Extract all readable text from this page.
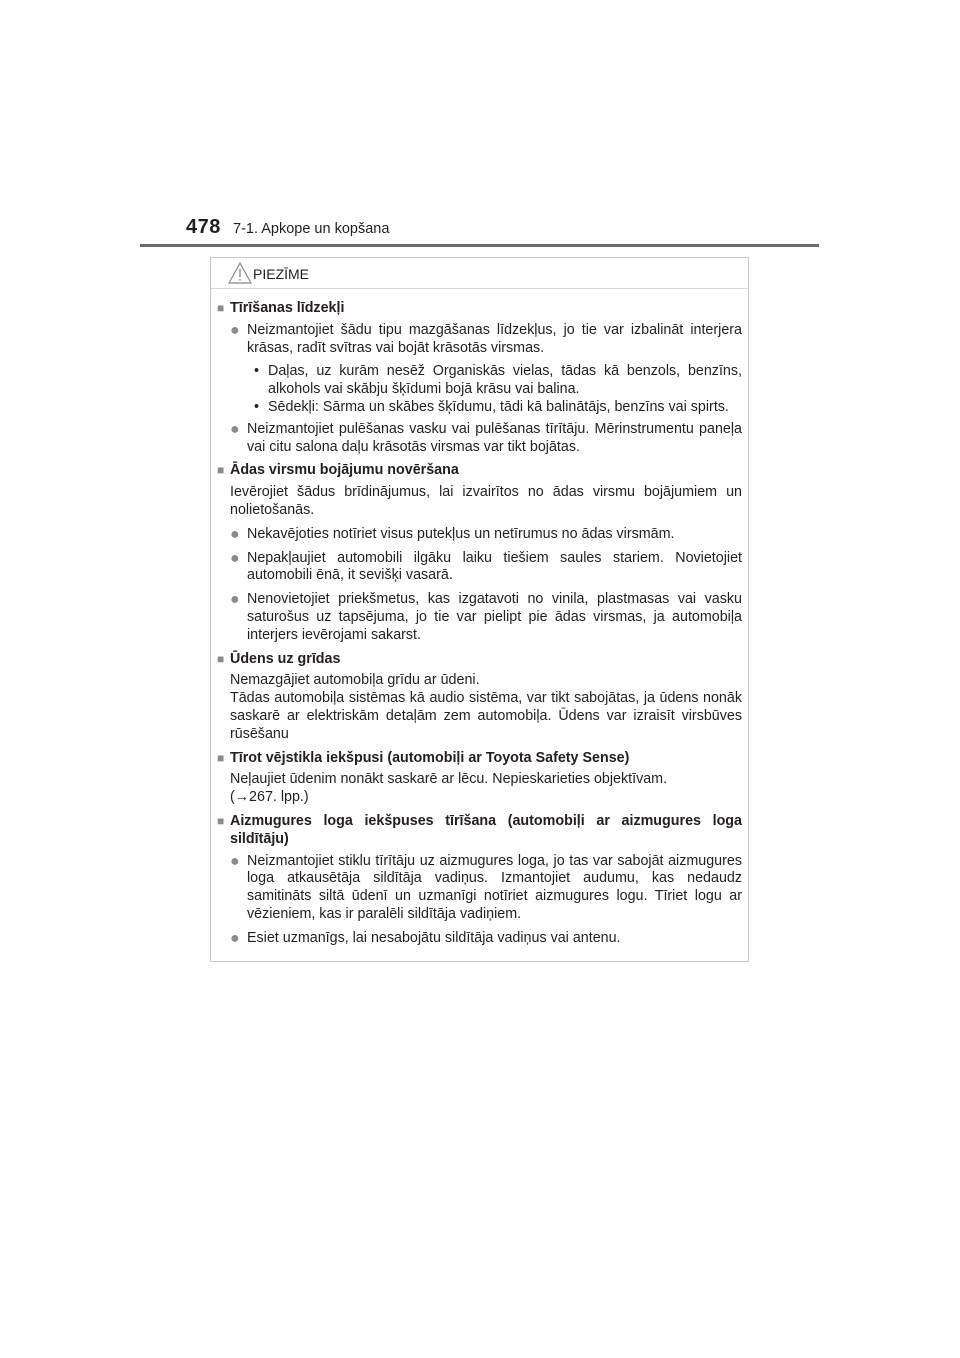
478 7-1. Apkope un kopšana
PIEZĪME
■ Tīrīšanas līdzekļi
● Neizmantojiet šādu tipu mazgāšanas līdzekļus, jo tie var izbalināt interjera krāsas, radīt svītras vai bojāt krāsotās virsmas.
• Daļas, uz kurām nesēž Organiskās vielas, tādas kā benzols, benzīns, alkohols vai skābju šķīdumi bojā krāsu vai balina.
• Sēdekļi: Sārma un skābes šķīdumu, tādi kā balinātājs, benzīns vai spirts.
● Neizmantojiet pulēšanas vasku vai pulēšanas tīrītāju. Mērinstrumentu paneļa vai citu salona daļu krāsotās virsmas var tikt bojātas.
■ Ādas virsmu bojājumu novēršana
Ievērojiet šādus brīdinājumus, lai izvairītos no ādas virsmu bojājumiem un nolietošanās.
● Nekavējoties notīriet visus putekļus un netīrumus no ādas virsmām.
● Nepakļaujiet automobili ilgāku laiku tiešiem saules stariem. Novietojiet automobili ēnā, it sevišķi vasarā.
● Nenovietojiet priekšmetus, kas izgatavoti no vinila, plastmasas vai vasku saturošus uz tapsējuma, jo tie var pielipt pie ādas virsmas, ja automobiļa interjers ievērojami sakarst.
■ Ūdens uz grīdas
Nemazgājiet automobiļa grīdu ar ūdeni.
Tādas automobiļa sistēmas kā audio sistēma, var tikt sabojātas, ja ūdens nonāk saskarē ar elektriskām detaļām zem automobiļa. Ūdens var izraisīt virsbūves rūsēšanu
■ Tīrot vējstikla iekšpusi (automobiļi ar Toyota Safety Sense)
Neļaujiet ūdenim nonākt saskarē ar lēcu. Nepieskarieties objektīvam.
(→267. lpp.)
■ Aizmugures loga iekšpuses tīrīšana (automobiļi ar aizmugures loga sildītāju)
● Neizmantojiet stiklu tīrītāju uz aizmugures loga, jo tas var sabojāt aizmugures loga atkausētāja sildītāja vadiņus. Izmantojiet audumu, kas nedaudz samitināts siltā ūdenī un uzmanīgi notīriet aizmugures logu. Tīriet logu ar vēzieniem, kas ir paralēli sildītāja vadiņiem.
● Esiet uzmanīgs, lai nesabojātu sildītāja vadiņus vai antenu.
